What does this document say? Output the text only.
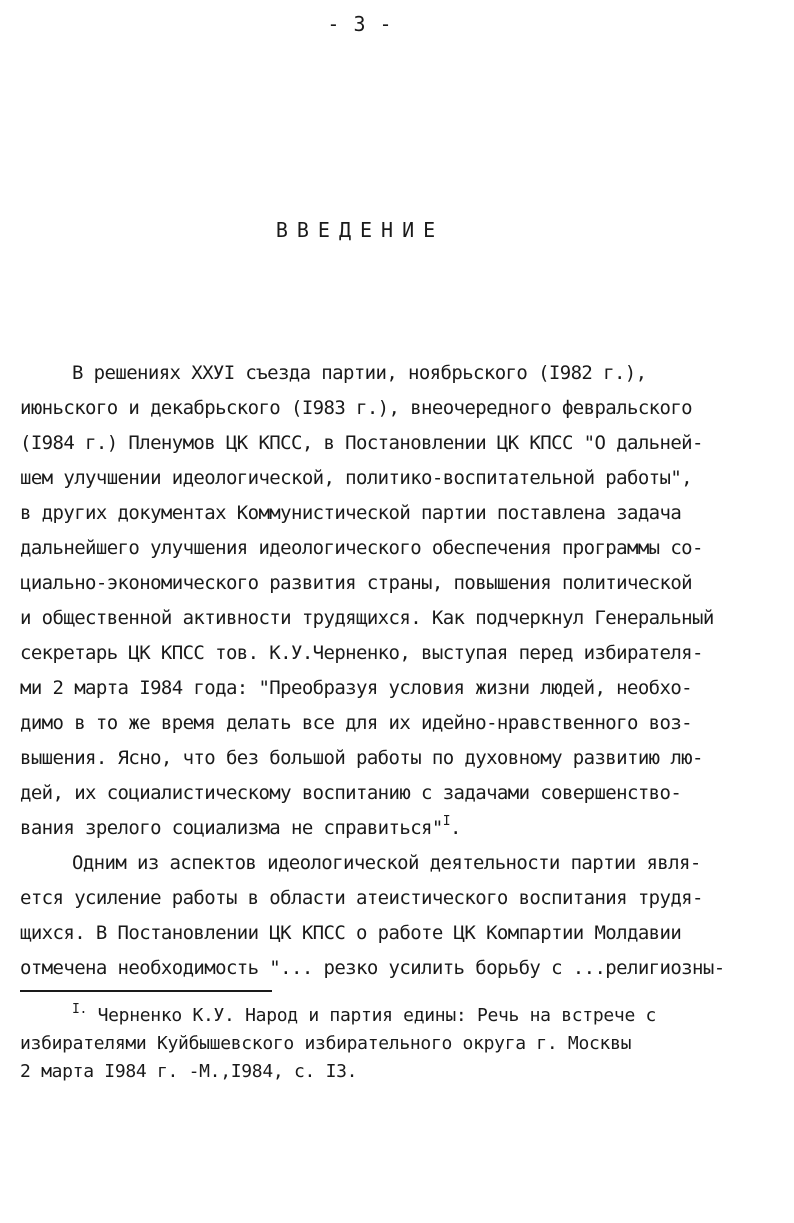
- 3 -
ВВЕДЕНИЕ
В решениях ХХУI съезда партии, ноябрьского (I982 г.),
июньского и декабрьского (I983 г.), внеочередного февральского
(I984 г.) Пленумов ЦК КПСС, в Постановлении ЦК КПСС "О дальней-
шем улучшении идеологической, политико-воспитательной работы",
в других документах Коммунистической партии поставлена задача
дальнейшего улучшения идеологического обеспечения программы со-
циально-экономического развития страны, повышения политической
и общественной активности трудящихся. Как подчеркнул Генеральный
секретарь ЦК КПСС тов. К.У.Черненко, выступая перед избирателя-
ми 2 марта I984 года: "Преобразуя условия жизни людей, необхо-
димо в то же время делать все для их идейно-нравственного воз-
вышения. Ясно, что без большой работы по духовному развитию лю-
дей, их социалистическому воспитанию с задачами совершенство-
вания зрелого социализма не справиться"$^I$.
Одним из аспектов идеологической деятельности партии явля-
ется усиление работы в области атеистического воспитания трудя-
щихся. В Постановлении ЦК КПСС о работе ЦК Компартии Молдавии
отмечена необходимость "... резко усилить борьбу с ...религиозны-
$^{I.}$ Черненко К.У. Народ и партия едины: Речь на встрече с
избирателями Куйбышевского избирательного округа г. Москвы
2 марта I984 г. -М.,I984, с. I3.
